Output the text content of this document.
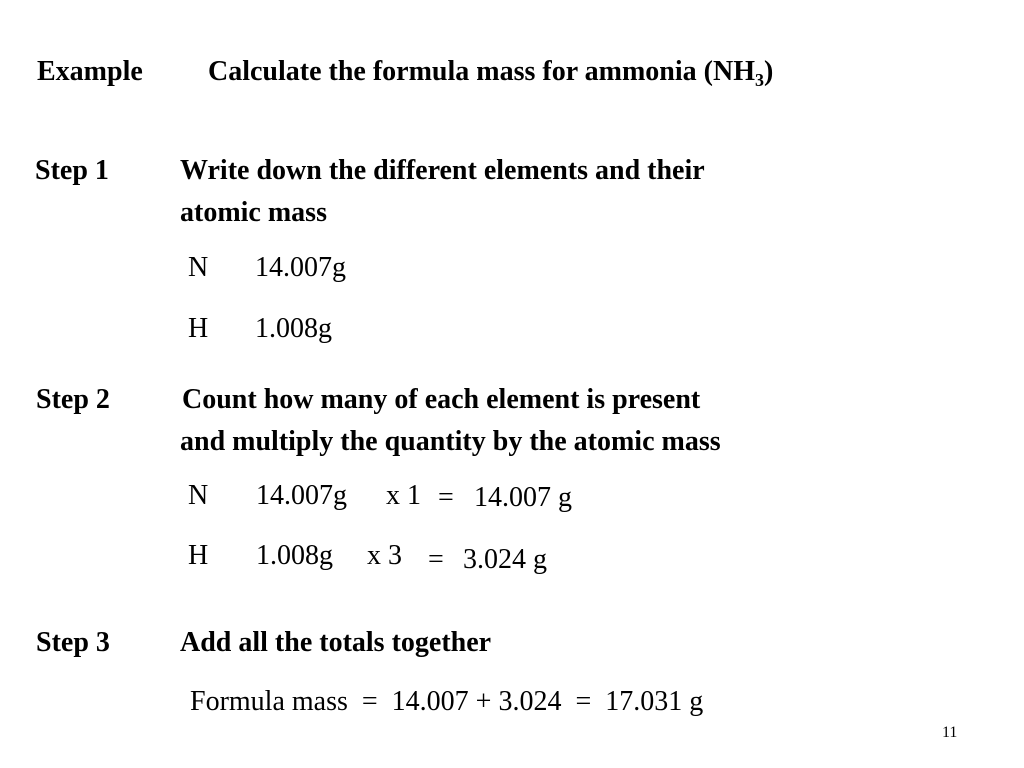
Example Calculate the formula mass for ammonia $(NH_3)$
Step 1	Write down the different elements and their
atomic mass
N 14.007g
H 1.008g
Step 2	Count how many of each element is present
and multiply the quantity by the atomic mass
N 14.007g x 1 = 14.007 g
H 1.008g x 3 = 3.024 g
Step 3	Add all the totals together
Formula mass  =  14.007 + 3.024  =  17.031 g
11
